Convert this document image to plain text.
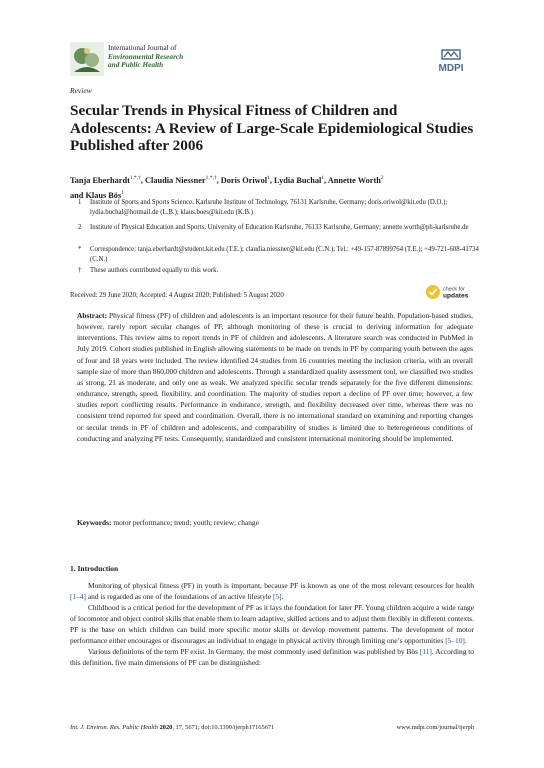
International Journal of
Environmental Research
and Public Health	MDPI
Review
Secular Trends in Physical Fitness of Children and Adolescents: A Review of Large-Scale Epidemiological Studies Published after 2006
Tanja Eberhardt$^{1,*,\dagger}$, Claudia Niessner$^{1,*,\dagger}$, Doris Oriwol$^1$, Lydia Buchal$^1$, Annette Worth$^2$
and Klaus Bös$^1$
1	Institute of Sports and Sports Science, Karlsruhe Institute of Technology, 76131 Karlsruhe, Germany; doris.oriwol@kit.edu (D.O.); lydia.buchal@hotmail.de (L.B.); klaus.boes@kit.edu (K.B.)
2	Institute of Physical Education and Sports, University of Education Karlsruhe, 76133 Karlsruhe, Germany; annette.worth@ph-karlsruhe.de
*	Correspondence: tanja.eberhardt@student.kit.edu (T.E.); claudia.niessner@kit.edu (C.N.); Tel.: +49-157-87899764 (T.E.); +49-721-608-41734 (C.N.)
†	These authors contributed equally to this work.
check for
updates
Received: 29 June 2020; Accepted: 4 August 2020; Published: 5 August 2020
Abstract: Physical fitness (PF) of children and adolescents is an important resource for their future health. Population-based studies, however, rarely report secular changes of PF, although monitoring of these is crucial to deriving information for adequate interventions. This review aims to report trends in PF of children and adolescents. A literature search was conducted in PubMed in July 2019. Cohort studies published in English allowing statements to be made on trends in PF by comparing youth between the ages of four and 18 years were included. The review identified 24 studies from 16 countries meeting the inclusion criteria, with an overall sample size of more than 860,000 children and adolescents. Through a standardized quality assessment tool, we classified two studies as strong, 21 as moderate, and only one as weak. We analyzed specific secular trends separately for the five different dimensions: endurance, strength, speed, flexibility, and coordination. The majority of studies report a decline of PF over time; however, a few studies report conflicting results. Performance in endurance, strength, and flexibility decreased over time, whereas there was no consistent trend reported for speed and coordination. Overall, there is no international standard on examining and reporting changes or secular trends in PF of children and adolescents, and comparability of studies is limited due to heterogeneous conditions of conducting and analyzing PF tests. Consequently, standardized and consistent international monitoring should be implemented.
Keywords: motor performance; trend; youth; review; change
1. Introduction

Monitoring of physical fitness (PF) in youth is important, because PF is known as one of the most relevant resources for health [1–4] and is regarded as one of the foundations of an active lifestyle [5].

Childhood is a critical period for the development of PF as it lays the foundation for later PF. Young children acquire a wide range of locomotor and object control skills that enable them to learn adaptive, skilled actions and to adjust them flexibly in different contexts. PF is the base on which children can build more specific motor skills or develop movement patterns. The development of motor performance either encourages or discourages an individual to engage in physical activity through limiting one’s opportunities [5–10].

Various definitions of the term PF exist. In Germany, the most commonly used definition was published by Bös [11]. According to this definition, five main dimensions of PF can be distinguished:

Int. J. Environ. Res. Public Health 2020, 17, 5671; doi:10.3390/ijerph17165671	www.mdpi.com/journal/ijerph
